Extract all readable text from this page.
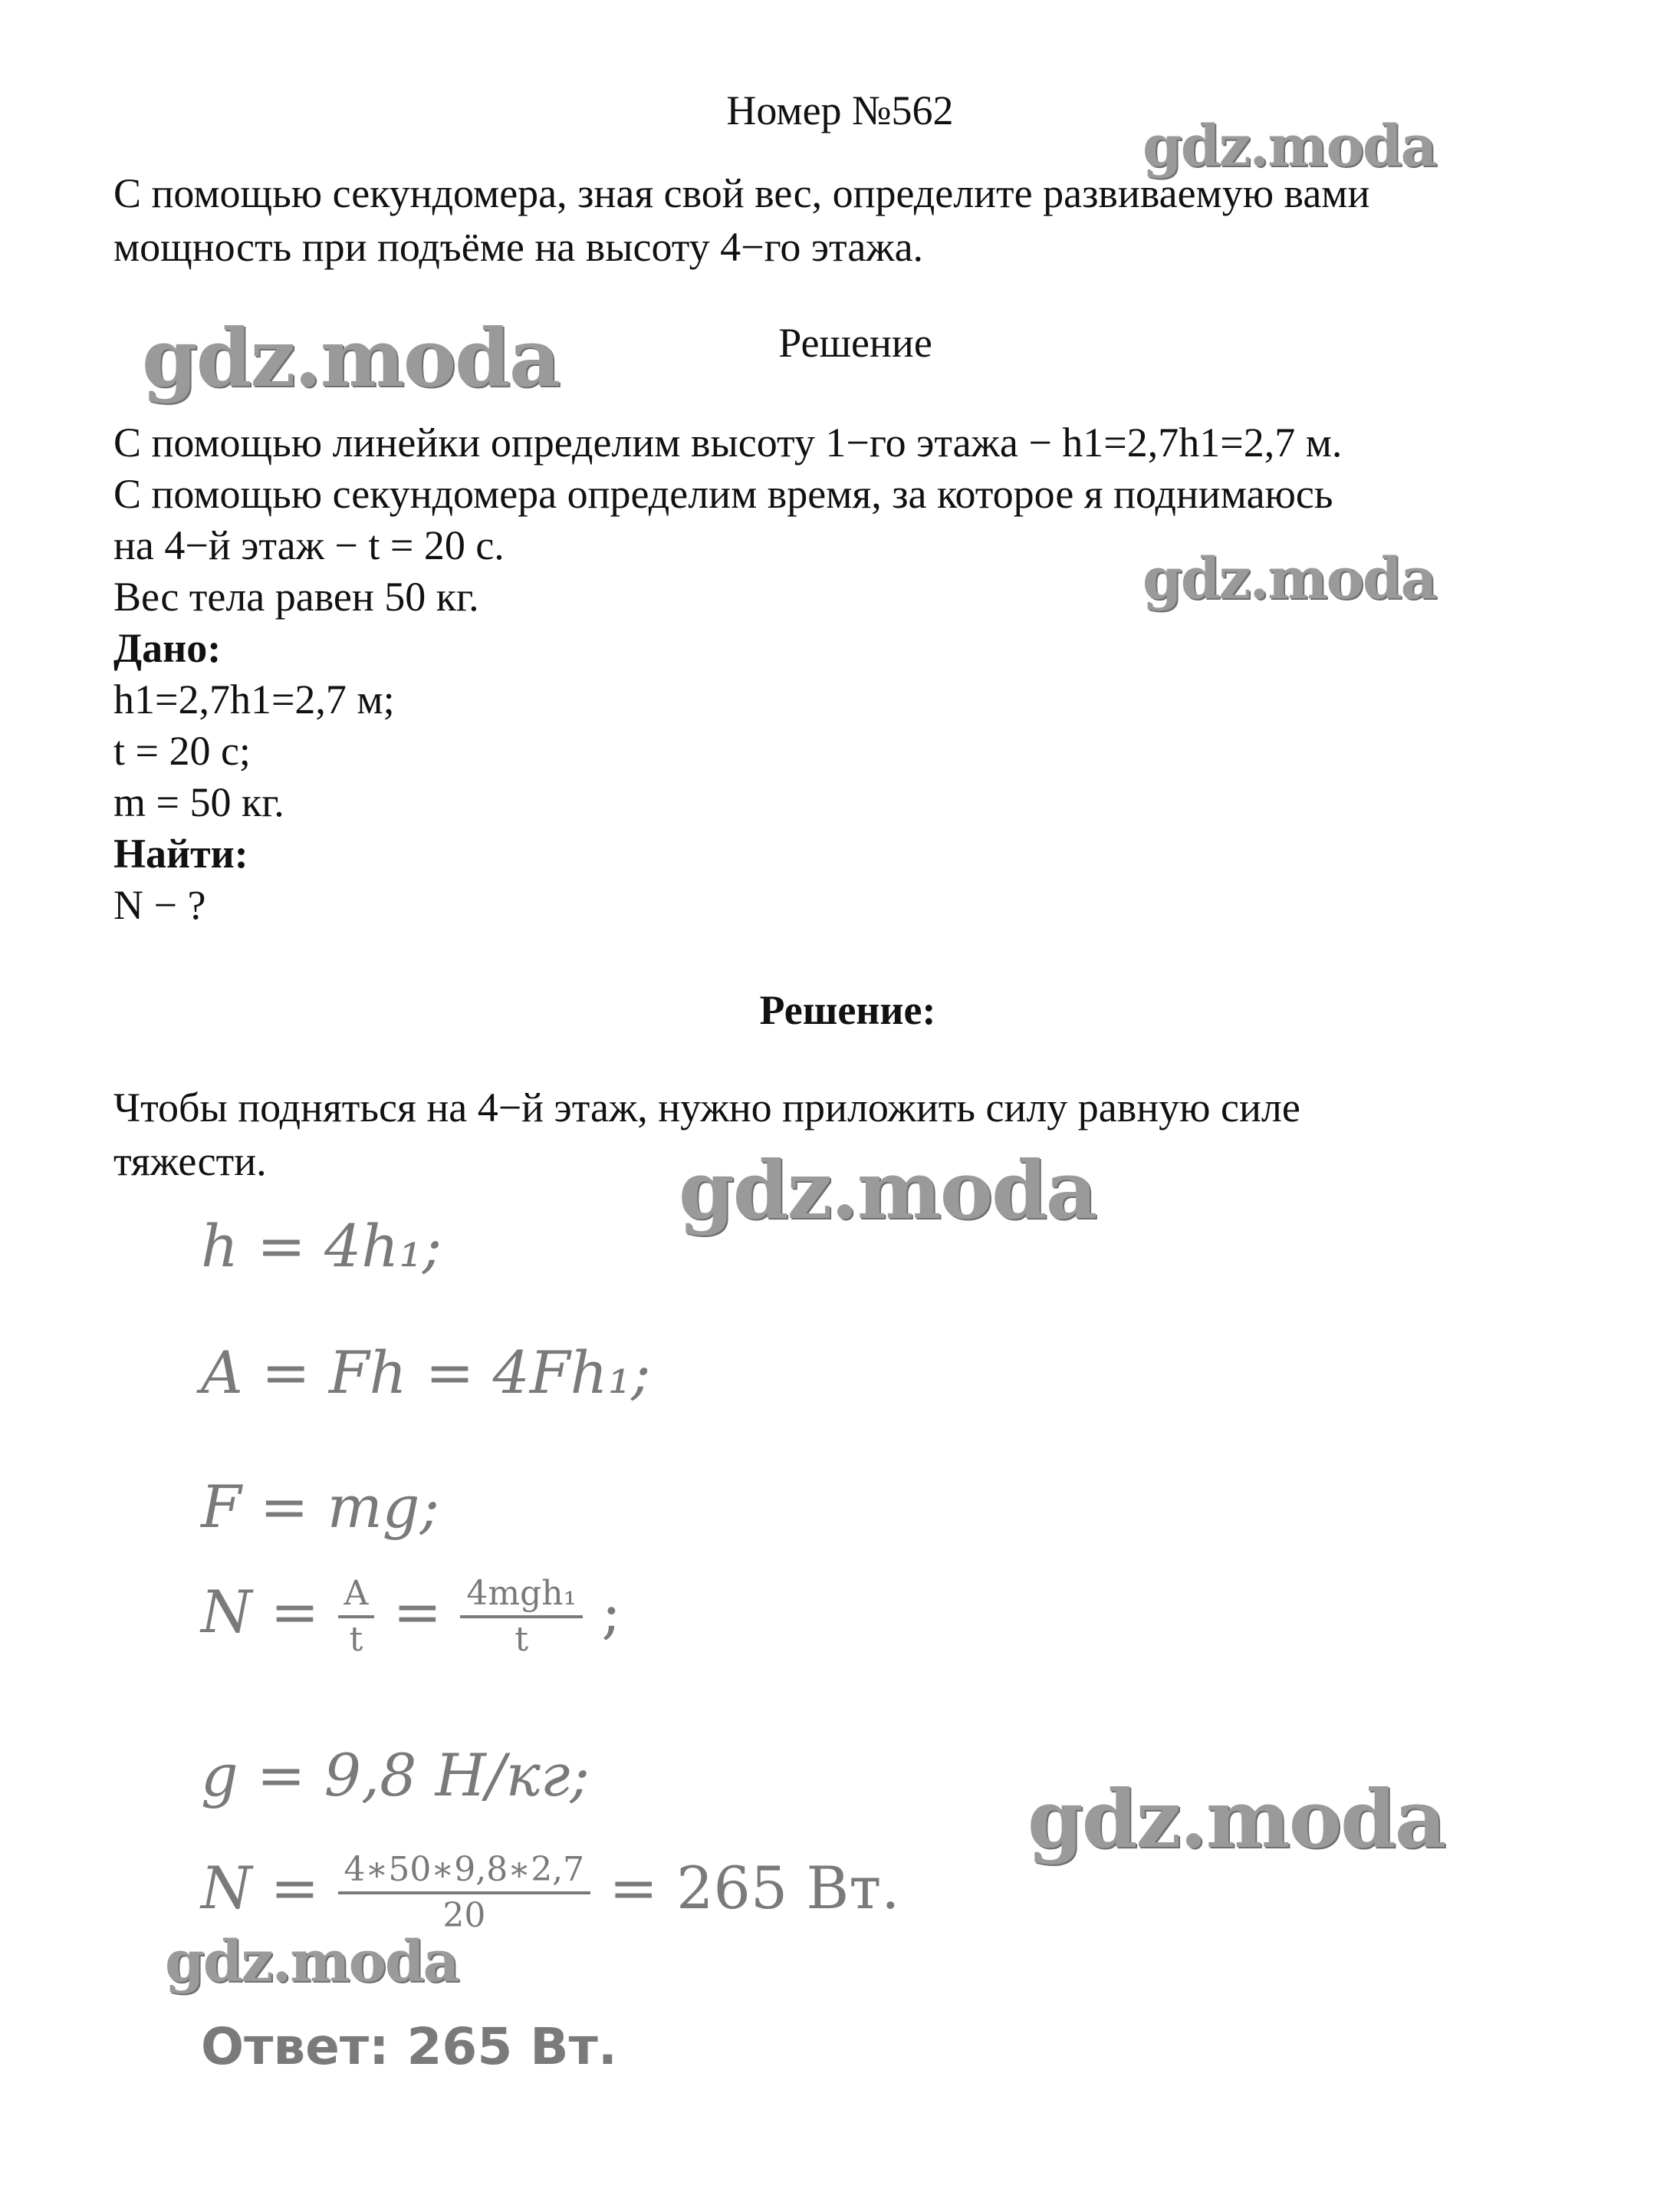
Номер №562
С помощью секундомера, зная свой вес, определите развиваемую вами
мощность при подъёме на высоту 4−го этажа.
Решение
С помощью линейки определим высоту 1−го этажа − h1=2,7h1=2,7 м.
С помощью секундомера определим время, за которое я поднимаюсь
на 4−й этаж − t = 20 с.
Вес тела равен 50 кг.
Дано:
h1=2,7h1=2,7 м;
t = 20 с;
m = 50 кг.
Найти:
N − ?
Решение:
Чтобы подняться на 4−й этаж, нужно приложить силу равную силе
тяжести.
h = 4h₁;
A = Fh = 4Fh₁;
F = mg;
$N = \frac{A}{t} = \frac{\text{4mgh₁}}{t}$ ;
g = 9,8 Н/кг;
$N = \frac{4∗50∗9,8∗2,7}{20} = 265$ Вт.
Ответ: 265 Вт.
gdz.moda
gdz.moda
gdz.moda
gdz.moda
gdz.moda
gdz.moda
